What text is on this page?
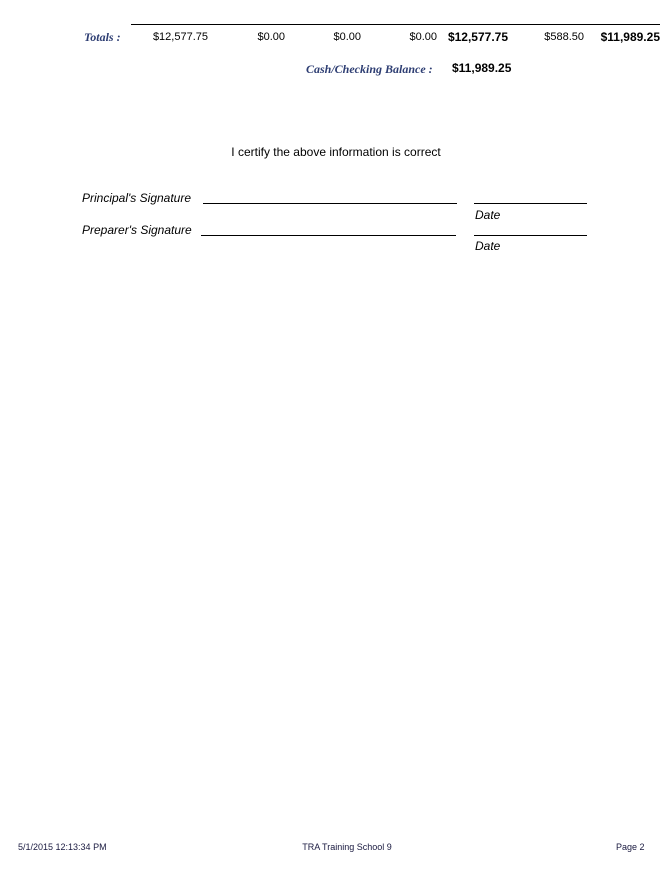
Totals :	$12,577.75	$0.00	$0.00	$0.00 $12,577.75	$588.50	$11,989.25
Cash/Checking Balance : $11,989.25
I certify the above information is correct
Principal's Signature
Date
Preparer's Signature
Date
5/1/2015 12:13:34 PM	TRA Training School 9	Page 2
